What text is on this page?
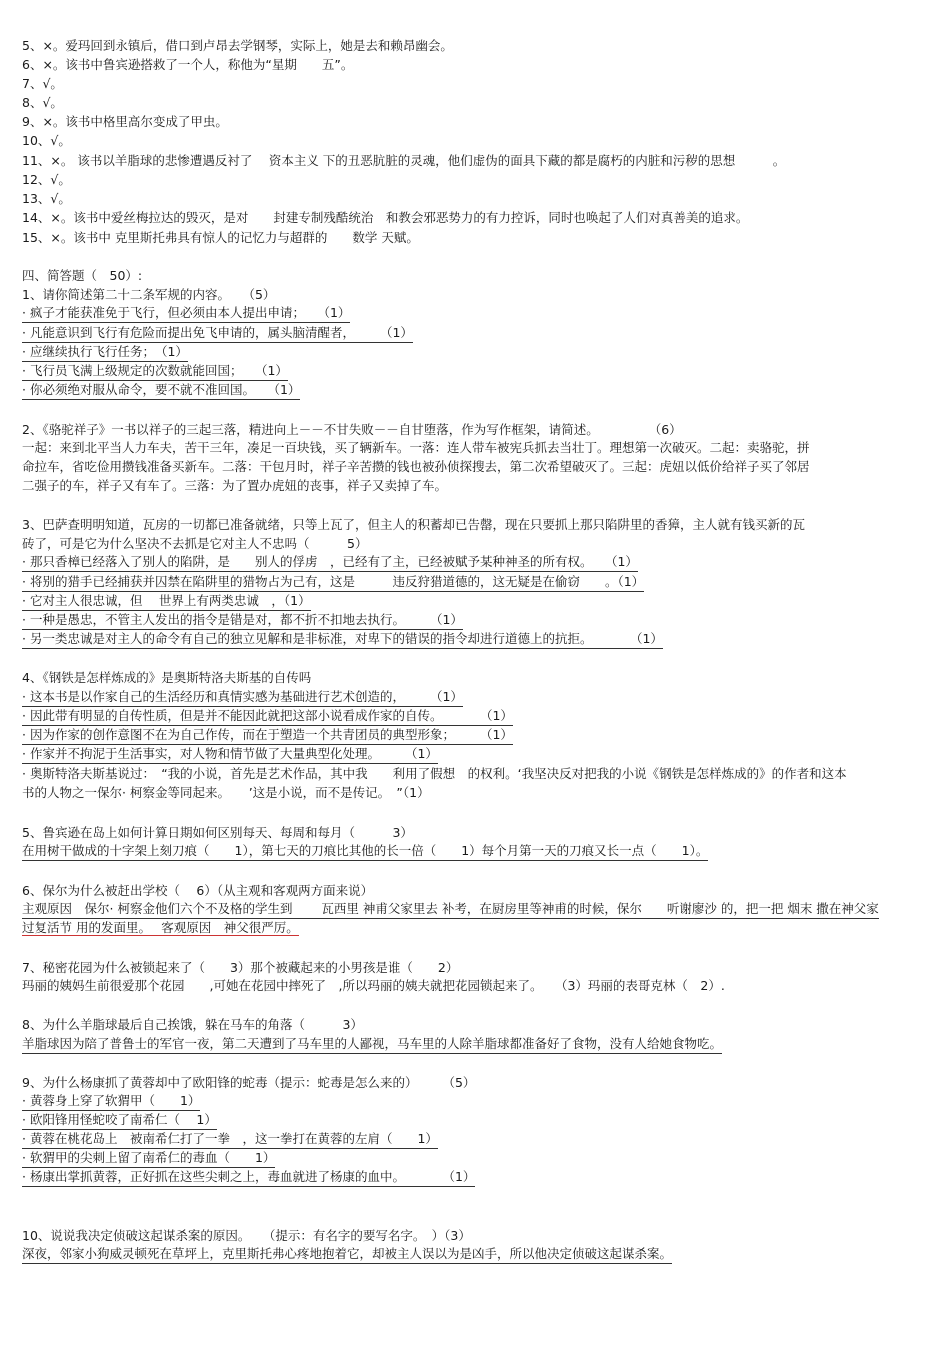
5、×。爱玛回到永镇后，借口到卢昂去学钢琴，实际上，她是去和赖昂幽会。
6、×。该书中鲁宾逊搭救了一个人，称他为“星期　　五”。
7、√。
8、√。
9、×。该书中格里高尔变成了甲虫。
10、√。
11、×。 该书以羊脂球的悲惨遭遇反衬了　 资本主义 下的丑恶肮脏的灵魂，他们虚伪的面具下藏的都是腐朽的内脏和污秽的思想　　　。
12、√。
13、√。
14、×。该书中爱丝梅拉达的毁灭，是对　　封建专制残酷统治　和教会邪恶势力的有力控诉，同时也唤起了人们对真善美的追求。
15、×。该书中 克里斯托弗具有惊人的记忆力与超群的　　数学 天赋。
四、简答题（　50）:
1、请你简述第二十二条军规的内容。　　（5）
· 疯子才能获准免于飞行，但必须由本人提出申请；　　（1）
· 凡能意识到飞行有危险而提出免飞申请的，属头脑清醒者，　　　（1）
· 应继续执行飞行任务；　（1）
· 飞行员飞满上级规定的次数就能回国；　　（1）
· 你必须绝对服从命令，要不就不准回国。　　（1）
2、《骆驼祥子》一书以祥子的三起三落，精进向上－－不甘失败－－自甘堕落，作为写作框架，请简述。　　　　　（6）
一起：来到北平当人力车夫，苦干三年，凑足一百块钱，买了辆新车。一落：连人带车被宪兵抓去当壮丁。理想第一次破灭。二起：卖骆驼，拼
命拉车，省吃俭用攒钱准备买新车。二落：干包月时，祥子辛苦攒的钱也被孙侦探搜去，第二次希望破灭了。三起：虎妞以低价给祥子买了邻居
二强子的车，祥子又有车了。三落：为了置办虎妞的丧事，祥子又卖掉了车。
3、巴萨查明明知道，瓦房的一切都已准备就绪，只等上瓦了，但主人的积蓄却已告罄，现在只要抓上那只陷阱里的香獐，主人就有钱买新的瓦
砖了，可是它为什么坚决不去抓是它对主人不忠吗（　　　5）
· 那只香樟已经落入了别人的陷阱，是　　别人的俘虏　，已经有了主，已经被赋予某种神圣的所有权。　　（1）
· 将别的猎手已经捕获并囚禁在陷阱里的猎物占为己有，这是　　　违反狩猎道德的，这无疑是在偷窃　　。（1）
· 它对主人很忠诚，但　 世界上有两类忠诚　，（1）
· 一种是愚忠，不管主人发出的指令是错是对，都不折不扣地去执行。　　　（1）
· 另一类忠诚是对主人的命令有自己的独立见解和是非标准，对卑下的错误的指令却进行道德上的抗拒。　　　　（1）
4、《钢铁是怎样炼成的》是奥斯特洛夫斯基的自传吗
· 这本书是以作家自己的生活经历和真情实感为基础进行艺术创造的，　　　（1）
· 因此带有明显的自传性质，但是并不能因此就把这部小说看成作家的自传。　　　　（1）
· 因为作家的创作意图不在为自己作传，而在于塑造一个共青团员的典型形象；　　　（1）
· 作家并不拘泥于生活事实，对人物和情节做了大量典型化处理。　　　（1）
· 奥斯特洛夫斯基说过：　“我的小说，首先是艺术作品，其中我　　利用了假想　的权利。‘我坚决反对把我的小说《钢铁是怎样炼成的》的作者和这本
书的人物之一保尔· 柯察金等同起来。　　’这是小说，而不是传记。　”（1）
5、鲁宾逊在岛上如何计算日期如何区别每天、每周和每月（　　　3）
在用树干做成的十字架上刻刀痕（　　1），第七天的刀痕比其他的长一倍（　　1）每个月第一天的刀痕又长一点（　　1）。
6、保尔为什么被赶出学校（　 6）（从主观和客观两方面来说）
主观原因　保尔· 柯察金他们六个不及格的学生到　　 瓦西里 神甫父家里去 补考，在厨房里等神甫的时候，保尔　　听谢廖沙 的，把一把 烟末 撒在神父家
过复活节 用的发面里。　 客观原因　神父很严厉。
7、秘密花园为什么被锁起来了（　　3）那个被藏起来的小男孩是谁（　　2）
玛丽的姨妈生前很爱那个花园　　,可她在花园中摔死了　,所以玛丽的姨夫就把花园锁起来了。　　（3）玛丽的表哥克林（　2）.
8、为什么羊脂球最后自己挨饿，躲在马车的角落（　　　3）
羊脂球因为陪了普鲁士的军官一夜，第二天遭到了马车里的人鄙视，马车里的人除羊脂球都准备好了食物，没有人给她食物吃。
9、为什么杨康抓了黄蓉却中了欧阳锋的蛇毒（提示：蛇毒是怎么来的）　　　（5）
· 黄蓉身上穿了软猬甲（　　1）
· 欧阳锋用怪蛇咬了南希仁（　 1）
· 黄蓉在桃花岛上　被南希仁打了一拳　，这一拳打在黄蓉的左肩（　　1）
· 软猬甲的尖刺上留了南希仁的毒血（　　1）
· 杨康出掌抓黄蓉，正好抓在这些尖刺之上，毒血就进了杨康的血中。　　　　（1）
10、说说我决定侦破这起谋杀案的原因。　　（提示：有名字的要写名字。　）（3）
深夜，邻家小狗威灵顿死在草坪上，克里斯托弗心疼地抱着它，却被主人误以为是凶手，所以他决定侦破这起谋杀案。
